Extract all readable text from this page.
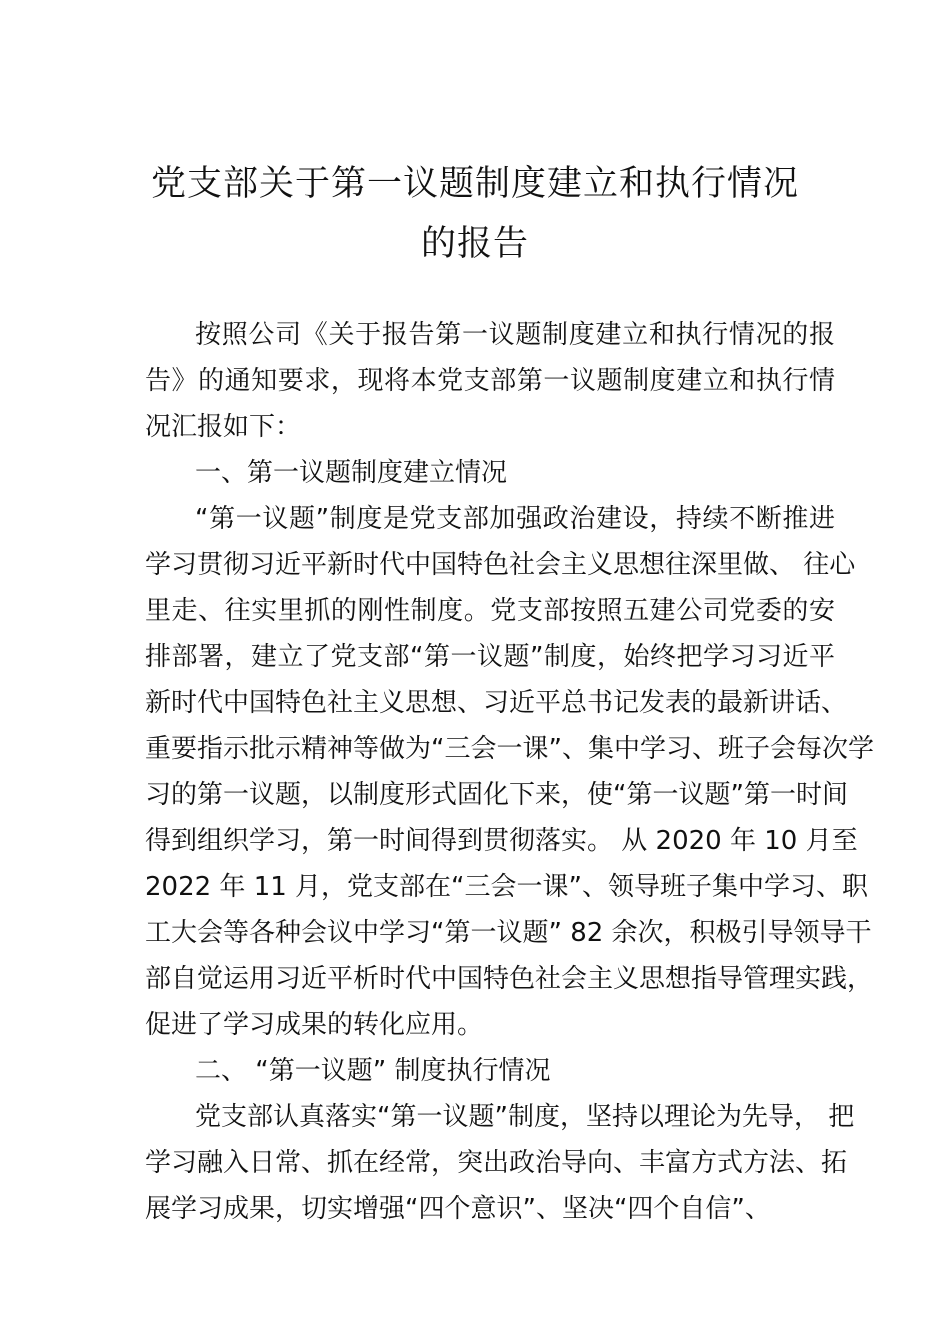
党支部关于第一议题制度建立和执行情况
的报告
按照公司《关于报告第一议题制度建立和执行情况的报
告》的通知要求，现将本党支部第一议题制度建立和执行情
况汇报如下：
一、第一议题制度建立情况
“第一议题”制度是党支部加强政治建设，持续不断推进
学习贯彻习近平新时代中国特色社会主义思想往深里做、 往心
里走、往实里抓的刚性制度。党支部按照五建公司党委的安
排部署，建立了党支部“第一议题”制度，始终把学习习近平
新时代中国特色社主义思想、习近平总书记发表的最新讲话、
重要指示批示精神等做为“三会一课”、集中学习、班子会每次学
习的第一议题，以制度形式固化下来，使“第一议题”第一时间
得到组织学习，第一时间得到贯彻落实。 从 2020 年 10 月至
2022 年 11 月，党支部在“三会一课”、领导班子集中学习、职
工大会等各种会议中学习“第一议题” 82 余次，积极引导领导干
部自觉运用习近平析时代中国特色社会主义思想指导管理实践，
促进了学习成果的转化应用。
二、 “第一议题” 制度执行情况
党支部认真落实“第一议题”制度，坚持以理论为先导， 把
学习融入日常、抓在经常，突出政治导向、丰富方式方法、拓
展学习成果，切实增强“四个意识”、坚决“四个自信”、
